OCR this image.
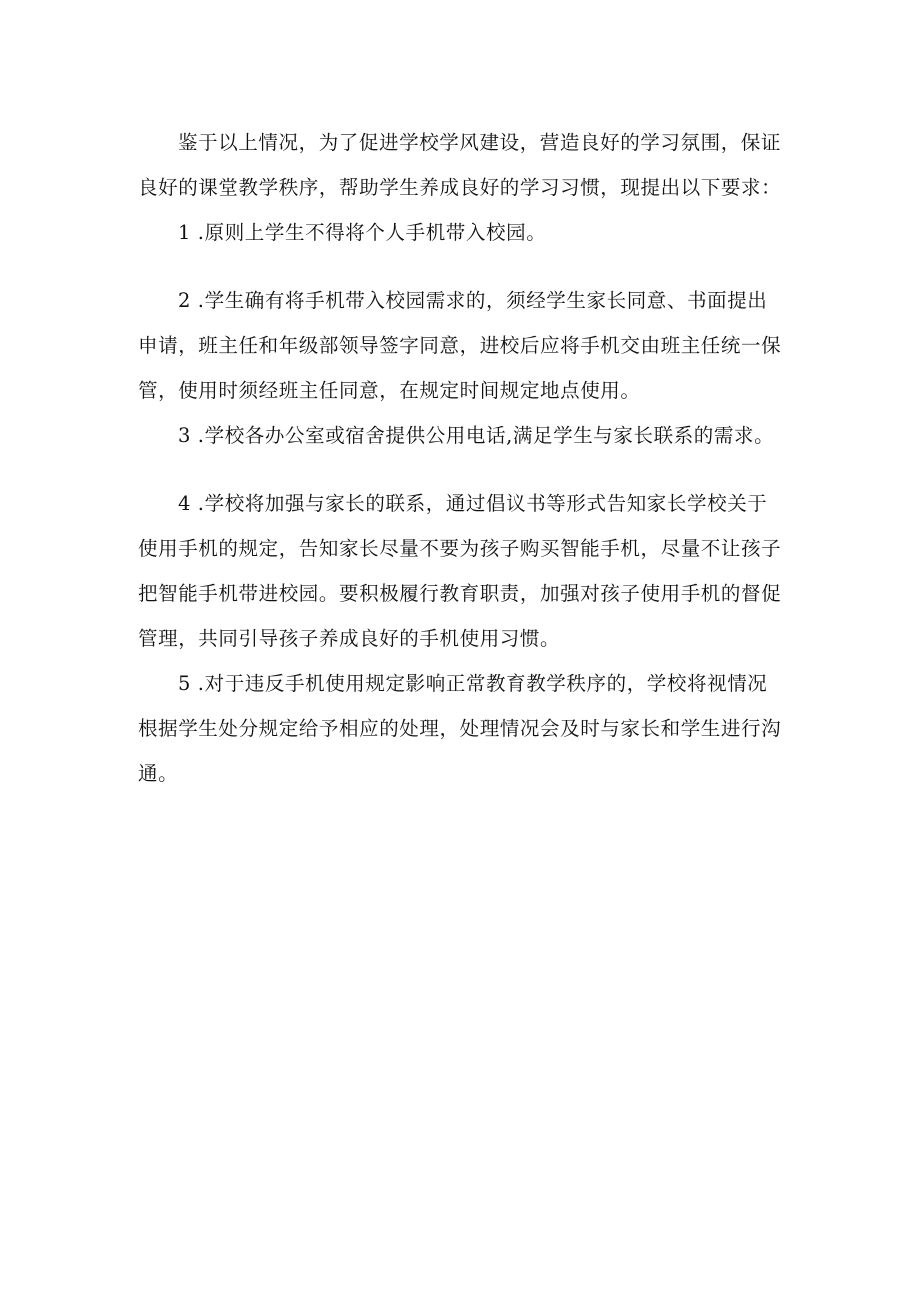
鉴于以上情况，为了促进学校学风建设，营造良好的学习氛围，保证良好的课堂教学秩序，帮助学生养成良好的学习习惯，现提出以下要求：

1 .原则上学生不得将个人手机带入校园。

2 .学生确有将手机带入校园需求的，须经学生家长同意、书面提出申请，班主任和年级部领导签字同意，进校后应将手机交由班主任统一保管，使用时须经班主任同意，在规定时间规定地点使用。

3 .学校各办公室或宿舍提供公用电话,满足学生与家长联系的需求。

4 .学校将加强与家长的联系，通过倡议书等形式告知家长学校关于使用手机的规定，告知家长尽量不要为孩子购买智能手机，尽量不让孩子把智能手机带进校园。要积极履行教育职责，加强对孩子使用手机的督促管理，共同引导孩子养成良好的手机使用习惯。

5 .对于违反手机使用规定影响正常教育教学秩序的，学校将视情况根据学生处分规定给予相应的处理，处理情况会及时与家长和学生进行沟通。
